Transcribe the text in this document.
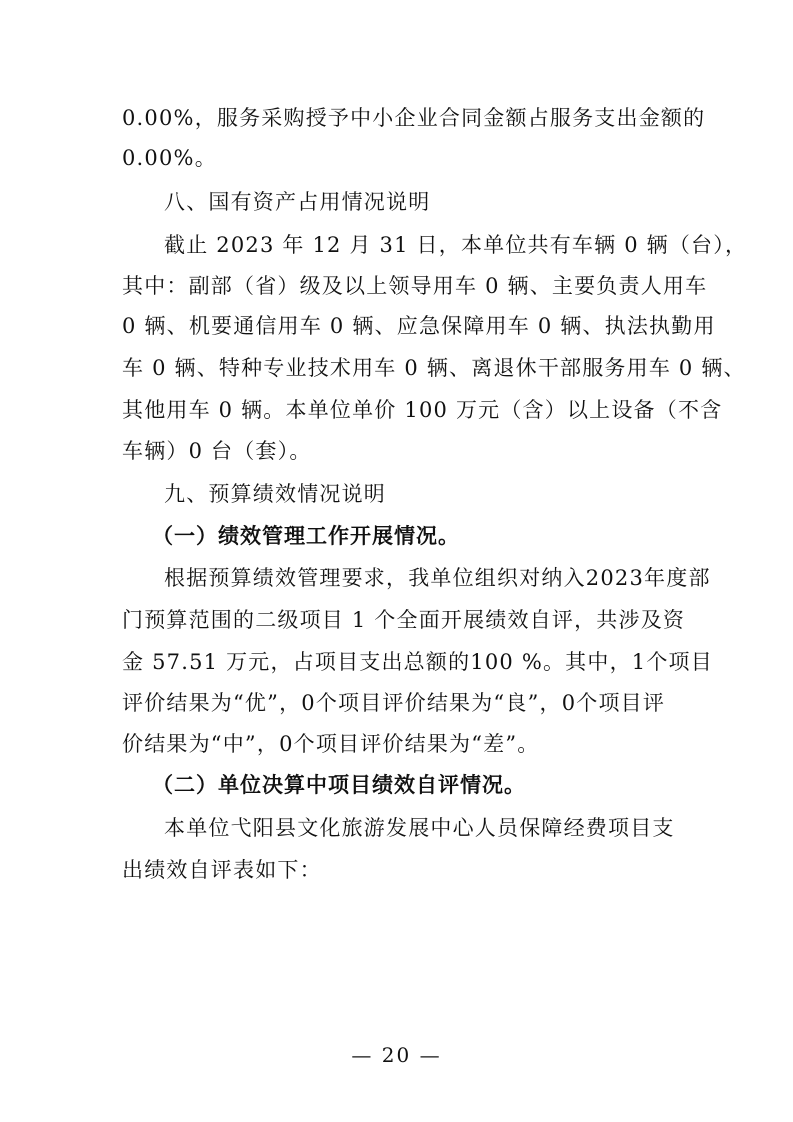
0.00%，服务采购授予中小企业合同金额占服务支出金额的
0.00%。
八、国有资产占用情况说明
截止 2023 年 12 月 31 日，本单位共有车辆 0 辆（台），
其中：副部（省）级及以上领导用车 0 辆、主要负责人用车
0 辆、机要通信用车 0 辆、应急保障用车 0 辆、执法执勤用
车 0 辆、特种专业技术用车 0 辆、离退休干部服务用车 0 辆、
其他用车 0 辆。本单位单价 100 万元（含）以上设备（不含
车辆）0 台（套）。
九、预算绩效情况说明
（一）绩效管理工作开展情况。
根据预算绩效管理要求，我单位组织对纳入2023年度部
门预算范围的二级项目 1 个全面开展绩效自评，共涉及资
金 57.51 万元，占项目支出总额的100 %。其中，1个项目
评价结果为“优”，0个项目评价结果为“良”，0个项目评
价结果为“中”，0个项目评价结果为“差”。
（二）单位决算中项目绩效自评情况。
本单位弋阳县文化旅游发展中心人员保障经费项目支
出绩效自评表如下：
— 20 —
